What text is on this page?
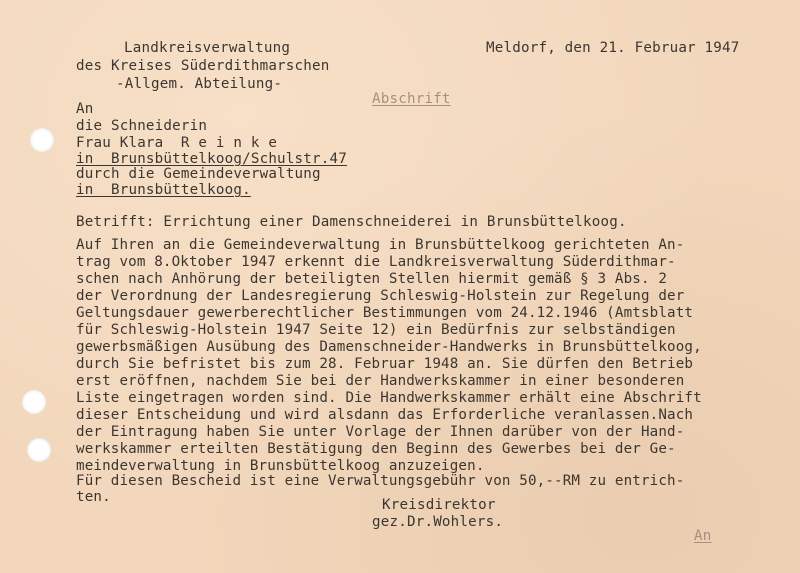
Landkreisverwaltung
des Kreises Süderdithmarschen
-Allgem. Abteilung-
Meldorf, den 21. Februar 1947
Abschrift
An
die Schneiderin
Frau Klara  R e i n k e
in  Brunsbüttelkoog/Schulstr.47
durch die Gemeindeverwaltung
in  Brunsbüttelkoog.
Betrifft: Errichtung einer Damenschneiderei in Brunsbüttelkoog.
Auf Ihren an die Gemeindeverwaltung in Brunsbüttelkoog gerichteten An-
trag vom 8.Oktober 1947 erkennt die Landkreisverwaltung Süderdithmar-
schen nach Anhörung der beteiligten Stellen hiermit gemäß § 3 Abs. 2
der Verordnung der Landesregierung Schleswig-Holstein zur Regelung der
Geltungsdauer gewerberechtlicher Bestimmungen vom 24.12.1946 (Amtsblatt
für Schleswig-Holstein 1947 Seite 12) ein Bedürfnis zur selbständigen
gewerbsmäßigen Ausübung des Damenschneider-Handwerks in Brunsbüttelkoog,
durch Sie befristet bis zum 28. Februar 1948 an. Sie dürfen den Betrieb
erst eröffnen, nachdem Sie bei der Handwerkskammer in einer besonderen
Liste eingetragen worden sind. Die Handwerkskammer erhält eine Abschrift
dieser Entscheidung und wird alsdann das Erforderliche veranlassen.Nach
der Eintragung haben Sie unter Vorlage der Ihnen darüber von der Hand-
werkskammer erteilten Bestätigung den Beginn des Gewerbes bei der Ge-
meindeverwaltung in Brunsbüttelkoog anzuzeigen.
Für diesen Bescheid ist eine Verwaltungsgebühr von 50,--RM zu entrich-
ten.	Kreisdirektor
gez.Dr.Wohlers.
An
